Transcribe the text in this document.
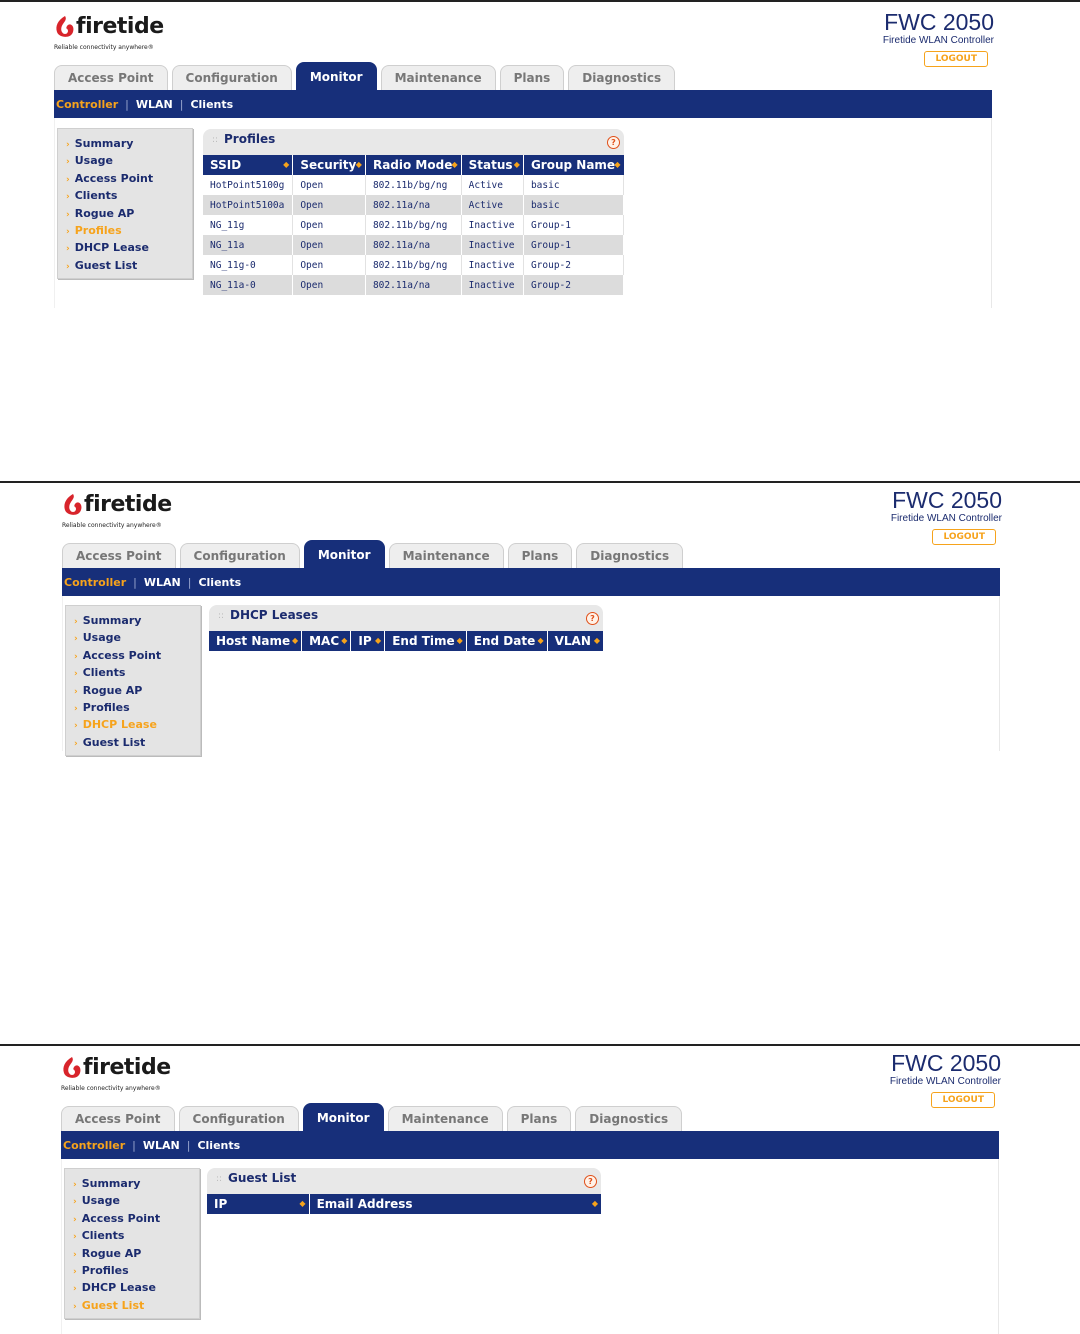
firetide
Reliable connectivity anywhere®
FWC 2050
Firetide WLAN Controller
LOGOUT
Access Point	Configuration	Monitor	Maintenance	Plans	Diagnostics
Controller | WLAN | Clients
› Summary
› Usage
› Access Point
› Clients
› Rogue AP
› Profiles
› DHCP Lease
› Guest List
:: Profiles	?
SSID ◆	Security ◆	Radio Mode ◆	Status ◆	Group Name ◆

HotPoint5100g	Open	802.11b/bg/ng	Active	basic
HotPoint5100a	Open	802.11a/na	Active	basic
NG_11g	Open	802.11b/bg/ng	Inactive	Group-1
NG_11a	Open	802.11a/na	Inactive	Group-1
NG_11g-0	Open	802.11b/bg/ng	Inactive	Group-2
NG_11a-0	Open	802.11a/na	Inactive	Group-2
firetide
Reliable connectivity anywhere®
FWC 2050
Firetide WLAN Controller
LOGOUT
Access Point	Configuration	Monitor	Maintenance	Plans	Diagnostics
Controller | WLAN | Clients
› Summary
› Usage
› Access Point
› Clients
› Rogue AP
› Profiles
› DHCP Lease
› Guest List
:: DHCP Leases	?
Host Name ◆	MAC ◆	IP ◆	End Time ◆	End Date ◆	VLAN ◆
firetide
Reliable connectivity anywhere®
FWC 2050
Firetide WLAN Controller
LOGOUT
Access Point	Configuration	Monitor	Maintenance	Plans	Diagnostics
Controller | WLAN | Clients
› Summary
› Usage
› Access Point
› Clients
› Rogue AP
› Profiles
› DHCP Lease
› Guest List
:: Guest List	?
IP	◆	Email Address	◆
